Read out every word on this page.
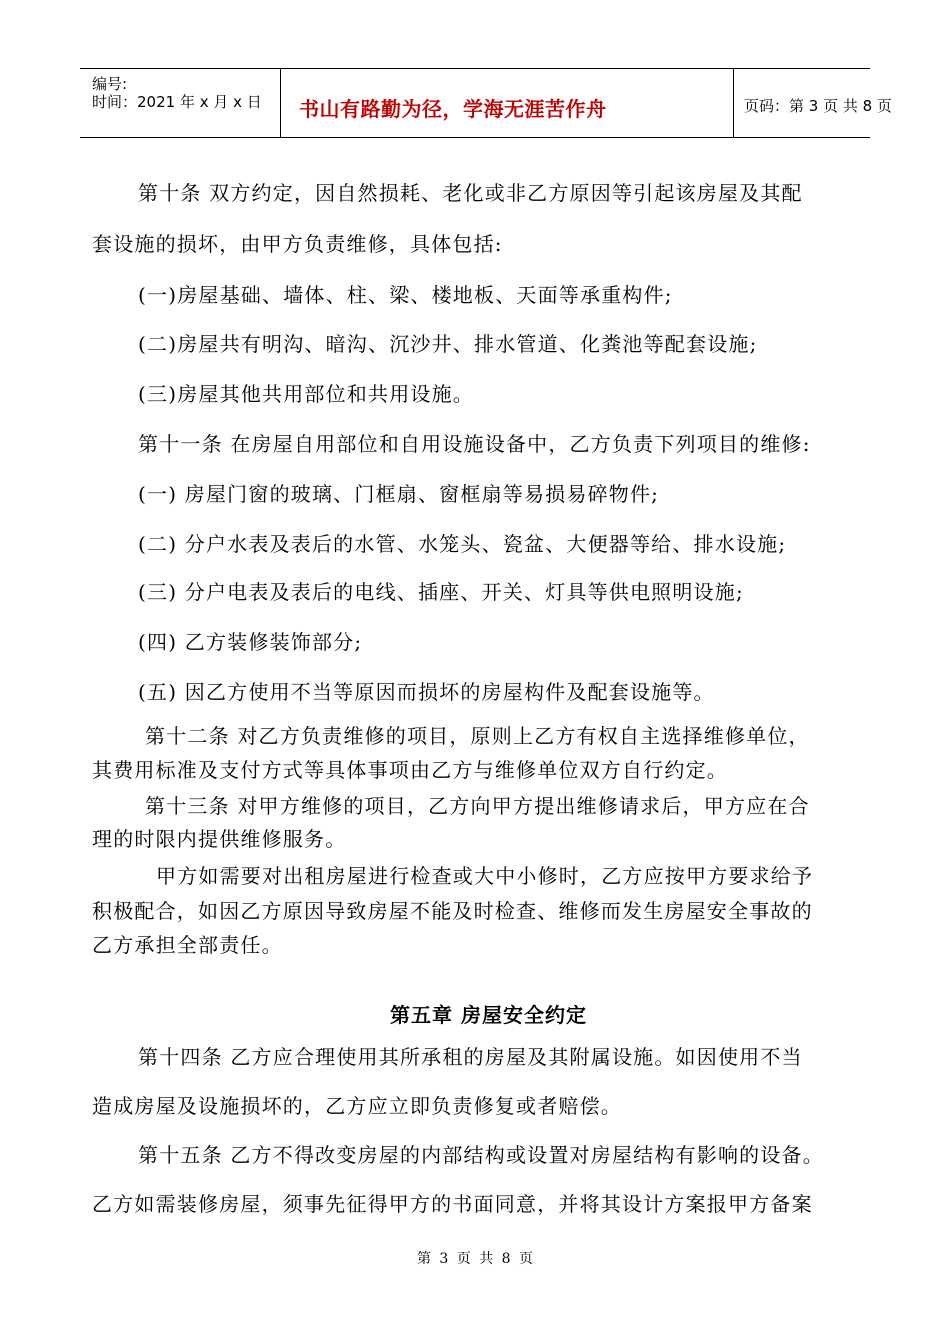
编号:
时间：2021 年 x 月 x 日 书山有路勤为径，学海无涯苦作舟	页码：第 3 页 共 8 页
第十条 双方约定，因自然损耗、老化或非乙方原因等引起该房屋及其配
套设施的损坏，由甲方负责维修，具体包括:
(一)房屋基础、墙体、柱、梁、楼地板、天面等承重构件;
(二)房屋共有明沟、暗沟、沉沙井、排水管道、化粪池等配套设施;
(三)房屋其他共用部位和共用设施。
第十一条 在房屋自用部位和自用设施设备中，乙方负责下列项目的维修:
(一) 房屋门窗的玻璃、门框扇、窗框扇等易损易碎物件;
(二) 分户水表及表后的水管、水笼头、瓷盆、大便器等给、排水设施;
(三) 分户电表及表后的电线、插座、开关、灯具等供电照明设施;
(四) 乙方装修装饰部分;
(五) 因乙方使用不当等原因而损坏的房屋构件及配套设施等。
第十二条 对乙方负责维修的项目，原则上乙方有权自主选择维修单位，
其费用标准及支付方式等具体事项由乙方与维修单位双方自行约定。
第十三条 对甲方维修的项目，乙方向甲方提出维修请求后，甲方应在合
理的时限内提供维修服务。
甲方如需要对出租房屋进行检查或大中小修时，乙方应按甲方要求给予
积极配合，如因乙方原因导致房屋不能及时检查、维修而发生房屋安全事故的
乙方承担全部责任。
第五章 房屋安全约定
第十四条 乙方应合理使用其所承租的房屋及其附属设施。如因使用不当
造成房屋及设施损坏的，乙方应立即负责修复或者赔偿。
第十五条 乙方不得改变房屋的内部结构或设置对房屋结构有影响的设备。
乙方如需装修房屋，须事先征得甲方的书面同意，并将其设计方案报甲方备案
第 3 页 共 8 页
